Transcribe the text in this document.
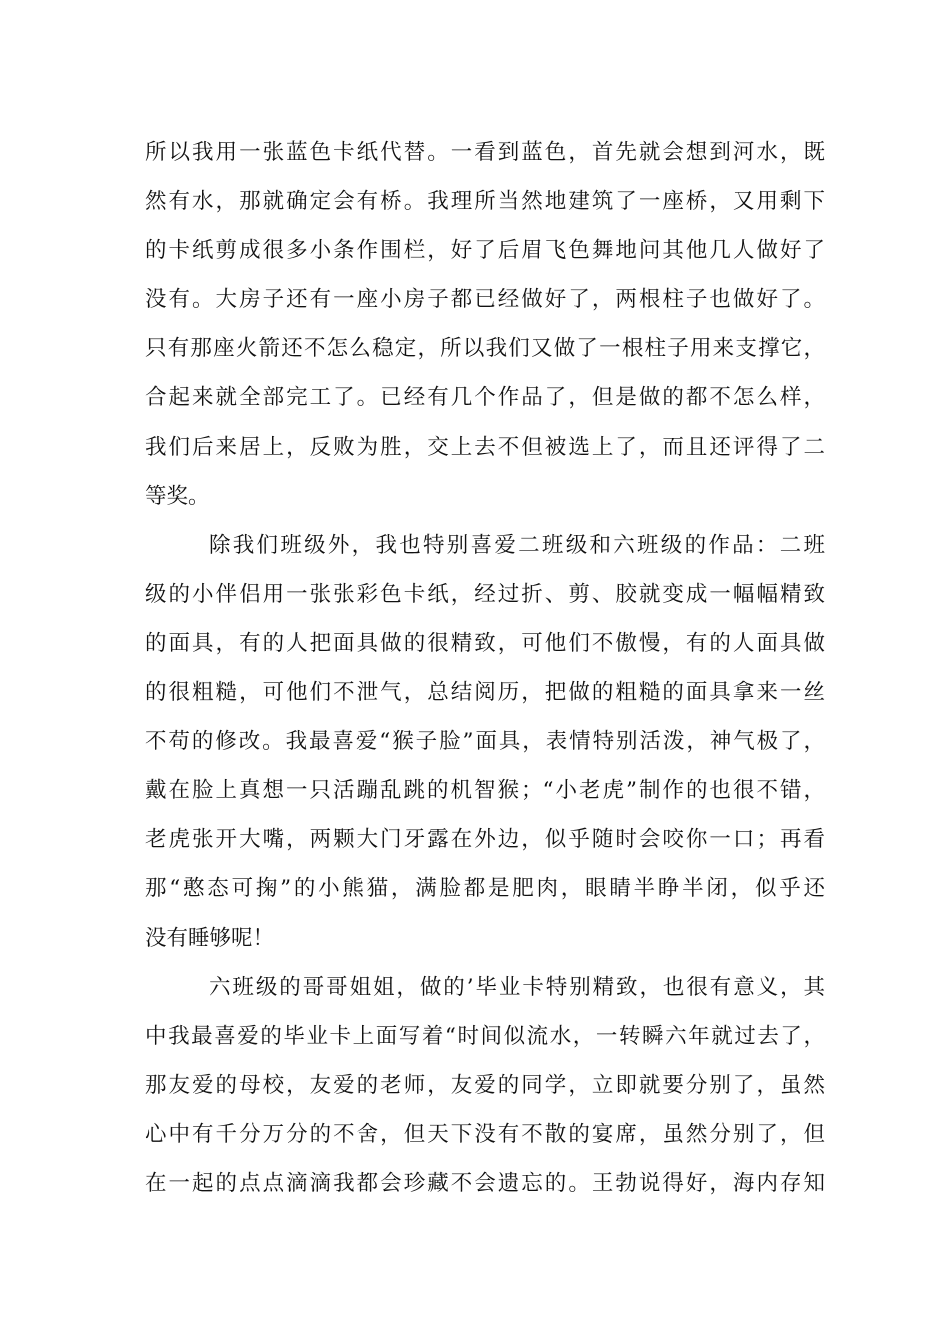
所以我用一张蓝色卡纸代替。一看到蓝色，首先就会想到河水，既
然有水，那就确定会有桥。我理所当然地建筑了一座桥，又用剩下
的卡纸剪成很多小条作围栏，好了后眉飞色舞地问其他几人做好了
没有。大房子还有一座小房子都已经做好了，两根柱子也做好了。
只有那座火箭还不怎么稳定，所以我们又做了一根柱子用来支撑它，
合起来就全部完工了。已经有几个作品了，但是做的都不怎么样，
我们后来居上，反败为胜，交上去不但被选上了，而且还评得了二
等奖。
除我们班级外，我也特别喜爱二班级和六班级的作品：二班
级的小伴侣用一张张彩色卡纸，经过折、剪、胶就变成一幅幅精致
的面具，有的人把面具做的很精致，可他们不傲慢，有的人面具做
的很粗糙，可他们不泄气，总结阅历，把做的粗糙的面具拿来一丝
不苟的修改。我最喜爱“猴子脸”面具，表情特别活泼，神气极了，
戴在脸上真想一只活蹦乱跳的机智猴；“小老虎”制作的也很不错，
老虎张开大嘴，两颗大门牙露在外边，似乎随时会咬你一口；再看
那“憨态可掬”的小熊猫，满脸都是肥肉，眼睛半睁半闭，似乎还
没有睡够呢！
六班级的哥哥姐姐，做的’毕业卡特别精致，也很有意义，其
中我最喜爱的毕业卡上面写着“时间似流水，一转瞬六年就过去了，
那友爱的母校，友爱的老师，友爱的同学，立即就要分别了，虽然
心中有千分万分的不舍，但天下没有不散的宴席，虽然分别了，但
在一起的点点滴滴我都会珍藏不会遗忘的。王勃说得好，海内存知
